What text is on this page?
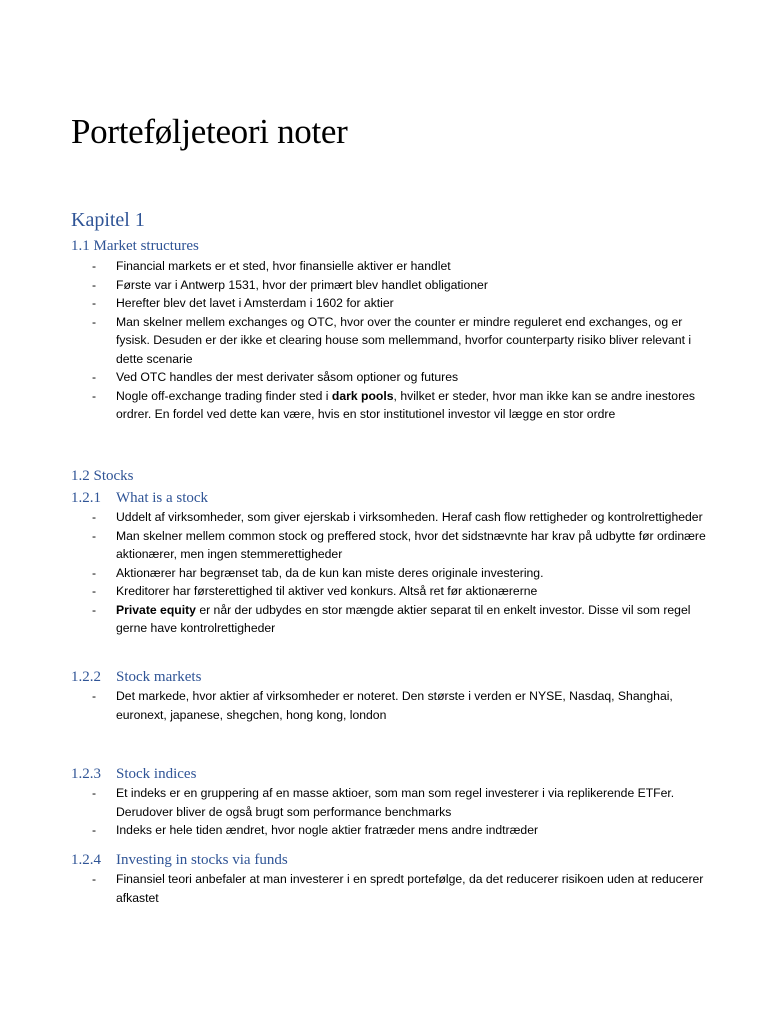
Porteføljeteori noter
Kapitel 1
1.1 Market structures
- Financial markets er et sted, hvor finansielle aktiver er handlet
- Første var i Antwerp 1531, hvor der primært blev handlet obligationer
- Herefter blev det lavet i Amsterdam i 1602 for aktier
- Man skelner mellem exchanges og OTC, hvor over the counter er mindre reguleret end exchanges, og er fysisk. Desuden er der ikke et clearing house som mellemmand, hvorfor counterparty risiko bliver relevant i dette scenarie
- Ved OTC handles der mest derivater såsom optioner og futures
- Nogle off-exchange trading finder sted i dark pools, hvilket er steder, hvor man ikke kan se andre inestores ordrer. En fordel ved dette kan være, hvis en stor institutionel investor vil lægge en stor ordre
1.2 Stocks
1.2.1 What is a stock
- Uddelt af virksomheder, som giver ejerskab i virksomheden. Heraf cash flow rettigheder og kontrolrettigheder
- Man skelner mellem common stock og preffered stock, hvor det sidstnævnte har krav på udbytte før ordinære aktionærer, men ingen stemmerettigheder
- Aktionærer har begrænset tab, da de kun kan miste deres originale investering.
- Kreditorer har førsterettighed til aktiver ved konkurs. Altså ret før aktionærerne
- Private equity er når der udbydes en stor mængde aktier separat til en enkelt investor. Disse vil som regel gerne have kontrolrettigheder
1.2.2 Stock markets
- Det markede, hvor aktier af virksomheder er noteret. Den største i verden er NYSE, Nasdaq, Shanghai, euronext, japanese, shegchen, hong kong, london
1.2.3 Stock indices
- Et indeks er en gruppering af en masse aktioer, som man som regel investerer i via replikerende ETFer. Derudover bliver de også brugt som performance benchmarks
- Indeks er hele tiden ændret, hvor nogle aktier fratræder mens andre indtræder
1.2.4 Investing in stocks via funds
- Finansiel teori anbefaler at man investerer i en spredt portefølge, da det reducerer risikoen uden at reducerer afkastet
